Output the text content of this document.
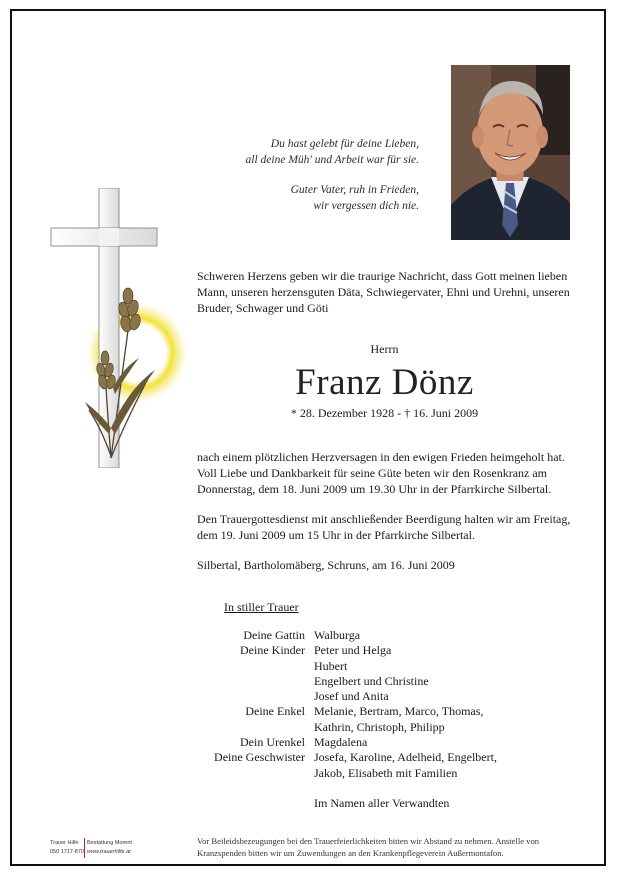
Du hast gelebt für deine Lieben,
all deine Müh' und Arbeit war für sie.
Guter Vater, ruh in Frieden,
wir vergessen dich nie.
Schweren Herzens geben wir die traurige Nachricht, dass Gott meinen lieben Mann, unseren herzensguten Däta, Schwiegervater, Ehni und Urehni, unseren Bruder, Schwager und Göti
Herrn
Franz Dönz
* 28. Dezember 1928 - † 16. Juni 2009

nach einem plötzlichen Herzversagen in den ewigen Frieden heimgeholt hat. Voll Liebe und Dankbarkeit für seine Güte beten wir den Rosenkranz am Donnerstag, dem 18. Juni 2009 um 19.30 Uhr in der Pfarrkirche Silbertal.

Den Trauergottesdienst mit anschließender Beerdigung halten wir am Freitag, dem 19. Juni 2009 um 15 Uhr in der Pfarrkirche Silbertal.

Silbertal, Bartholomäberg, Schruns, am 16. Juni 2009

In stiller Trauer
Deine Gattin Walburga
Deine Kinder Peter und Helga
Hubert
Engelbert und Christine
Josef und Anita
Deine Enkel Melanie, Bertram, Marco, Thomas,
Kathrin, Christoph, Philipp
Dein Urenkel Magdalena
Deine Geschwister Josefa, Karoline, Adelheid, Engelbert,
Jakob, Elisabeth mit Familien
Im Namen aller Verwandten
Trauer Hilfe
050 1717-870
Bestattung Morent
www.trauerhilfe.at
Vor Beileidsbezeugungen bei den Trauerfeierlichkeiten bitten wir Abstand zu nehmen. Anstelle von Kranzspenden bitten wir um Zuwendungen an den Krankenpflegeverein Außermontafon.
